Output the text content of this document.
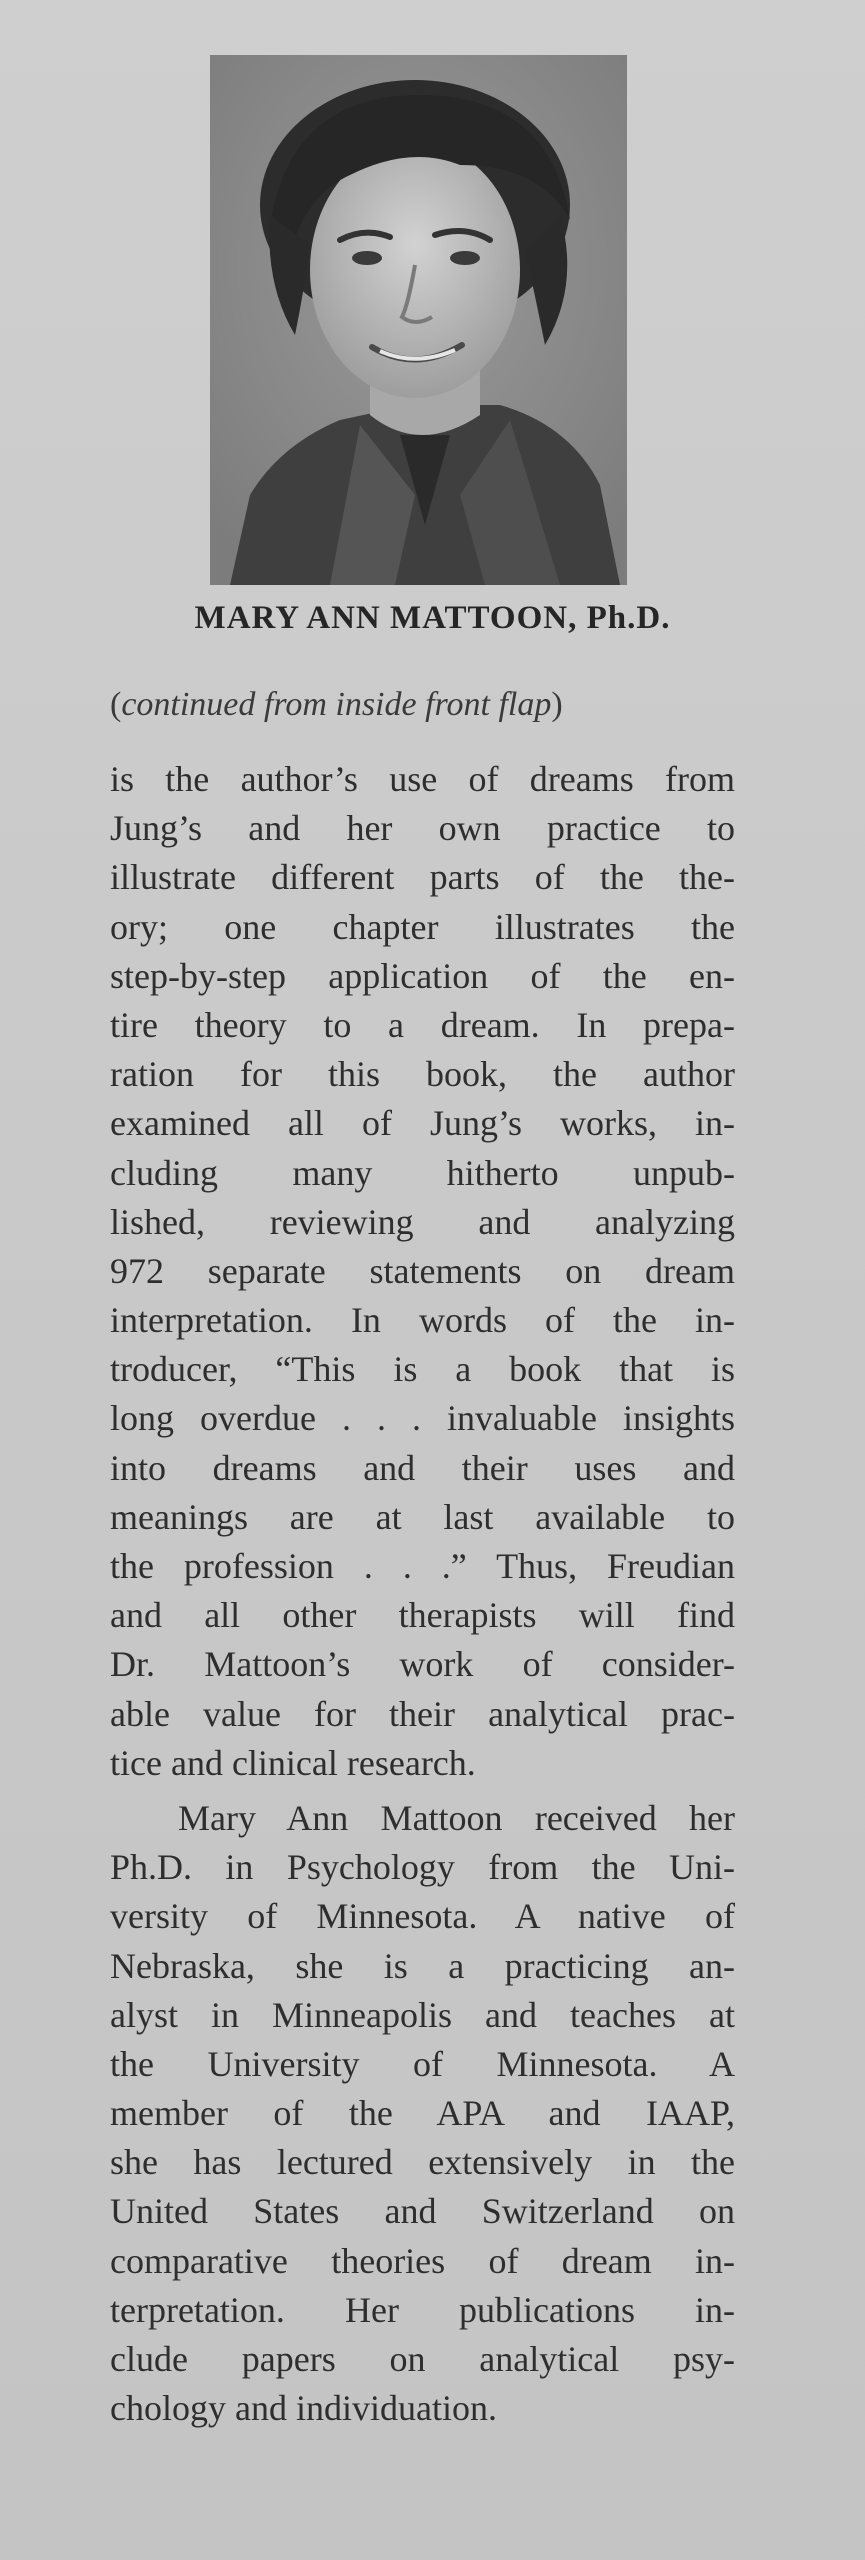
MARY ANN MATTOON, Ph.D.
(continued from inside front flap)
is the author’s use of dreams from
Jung’s and her own practice to
illustrate different parts of the the-
ory; one chapter illustrates the
step-by-step application of the en-
tire theory to a dream. In prepa-
ration for this book, the author
examined all of Jung’s works, in-
cluding many hitherto unpub-
lished, reviewing and analyzing
972 separate statements on dream
interpretation. In words of the in-
troducer, “This is a book that is
long overdue . . . invaluable insights
into dreams and their uses and
meanings are at last available to
the profession . . .” Thus, Freudian
and all other therapists will find
Dr. Mattoon’s work of consider-
able value for their analytical prac-
tice and clinical research.
Mary Ann Mattoon received her
Ph.D. in Psychology from the Uni-
versity of Minnesota. A native of
Nebraska, she is a practicing an-
alyst in Minneapolis and teaches at
the University of Minnesota. A
member of the APA and IAAP,
she has lectured extensively in the
United States and Switzerland on
comparative theories of dream in-
terpretation. Her publications in-
clude papers on analytical psy-
chology and individuation.
